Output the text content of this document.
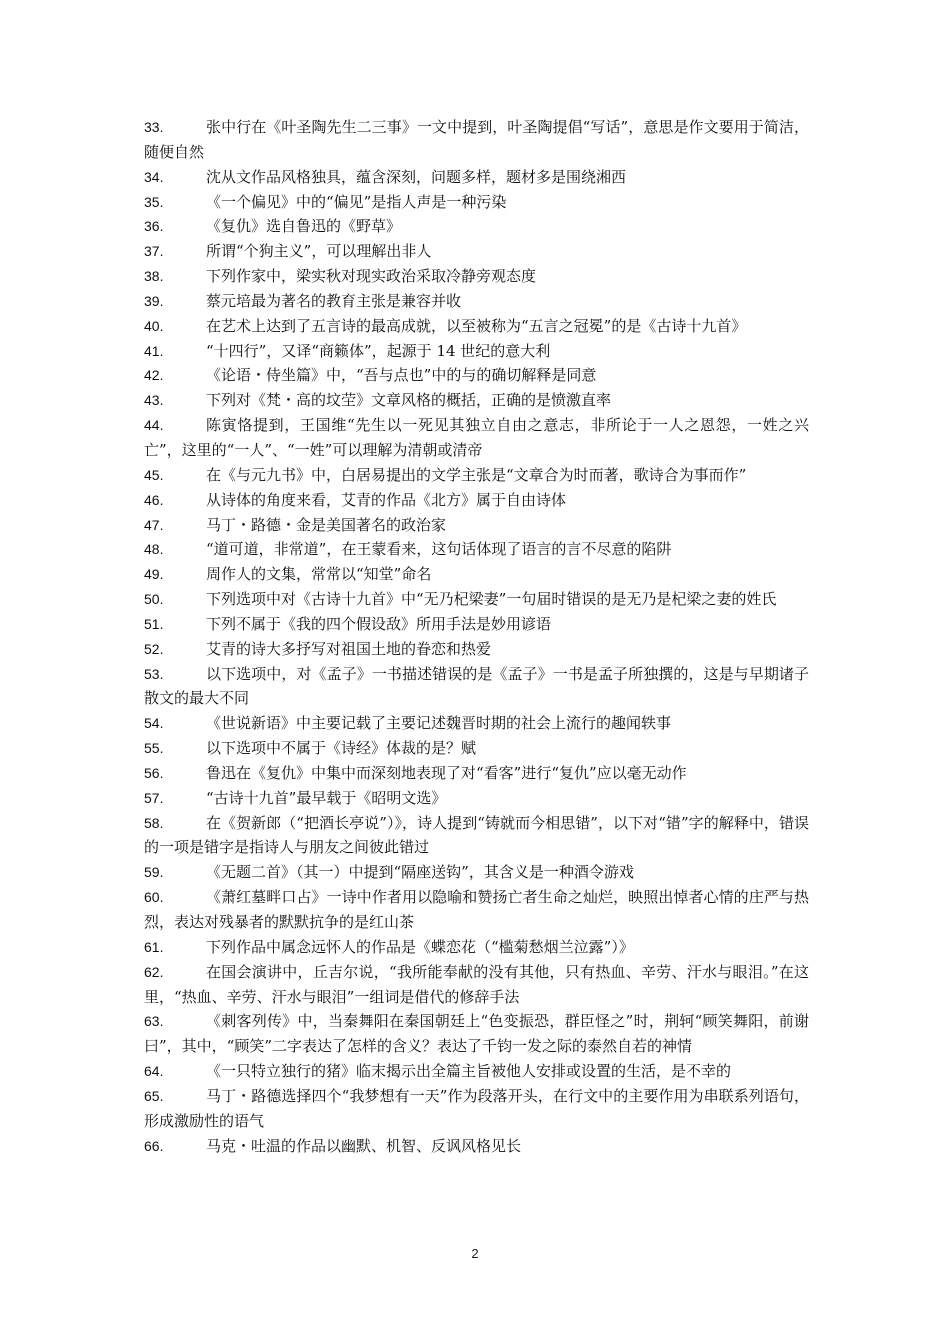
33.	张中行在《叶圣陶先生二三事》一文中提到，叶圣陶提倡“写话”，意思是作文要用于简洁，随便自然
34.	沈从文作品风格独具，蕴含深刻，问题多样，题材多是围绕湘西
35.	《一个偏见》中的“偏见”是指人声是一种污染
36.	《复仇》选自鲁迅的《野草》
37.	所谓“个狗主义”，可以理解出非人
38.	下列作家中，梁实秋对现实政治采取冷静旁观态度
39.	蔡元培最为著名的教育主张是兼容并收
40.	在艺术上达到了五言诗的最高成就，以至被称为“五言之冠冕”的是《古诗十九首》
41.	“十四行”，又译“商籁体”，起源于 14 世纪的意大利
42.	《论语・侍坐篇》中，“吾与点也”中的与的确切解释是同意
43.	下列对《梵・高的坟茔》文章风格的概括，正确的是愤激直率
44.	陈寅恪提到，王国维“先生以一死见其独立自由之意志，非所论于一人之恩怨，一姓之兴亡”，这里的“一人”、“一姓”可以理解为清朝或清帝
45.	在《与元九书》中，白居易提出的文学主张是“文章合为时而著，歌诗合为事而作”
46.	从诗体的角度来看，艾青的作品《北方》属于自由诗体
47.	马丁・路德・金是美国著名的政治家
48.	“道可道，非常道”，在王蒙看来，这句话体现了语言的言不尽意的陷阱
49.	周作人的文集，常常以“知堂”命名
50.	下列选项中对《古诗十九首》中“无乃杞梁妻”一句届时错误的是无乃是杞梁之妻的姓氏
51.	下列不属于《我的四个假设敌》所用手法是妙用谚语
52.	艾青的诗大多抒写对祖国土地的眷恋和热爱
53.	以下选项中，对《孟子》一书描述错误的是《孟子》一书是孟子所独撰的，这是与早期诸子散文的最大不同
54.	《世说新语》中主要记载了主要记述魏晋时期的社会上流行的趣闻轶事
55.	以下选项中不属于《诗经》体裁的是？赋
56.	鲁迅在《复仇》中集中而深刻地表现了对“看客”进行“复仇”应以毫无动作
57.	“古诗十九首”最早载于《昭明文选》
58.	在《贺新郎（“把酒长亭说”）》，诗人提到“铸就而今相思错”，以下对“错”字的解释中，错误的一项是错字是指诗人与朋友之间彼此错过
59.	《无题二首》（其一）中提到“隔座送钩”，其含义是一种酒令游戏
60.	《萧红墓畔口占》一诗中作者用以隐喻和赞扬亡者生命之灿烂，映照出悼者心情的庄严与热烈，表达对残暴者的默默抗争的是红山茶
61.	下列作品中属念远怀人的作品是《蝶恋花（“槛菊愁烟兰泣露”）》
62.	在国会演讲中，丘吉尔说，“我所能奉献的没有其他，只有热血、辛劳、汗水与眼泪。”在这里，“热血、辛劳、汗水与眼泪”一组词是借代的修辞手法
63.	《刺客列传》中，当秦舞阳在秦国朝廷上“色变振恐，群臣怪之”时，荆轲“顾笑舞阳，前谢曰”，其中，“顾笑”二字表达了怎样的含义？表达了千钧一发之际的泰然自若的神情
64.	《一只特立独行的猪》临末揭示出全篇主旨被他人安排或设置的生活，是不幸的
65.	马丁・路德选择四个“我梦想有一天”作为段落开头，在行文中的主要作用为串联系列语句，形成激励性的语气
66.	马克・吐温的作品以幽默、机智、反讽风格见长
2
